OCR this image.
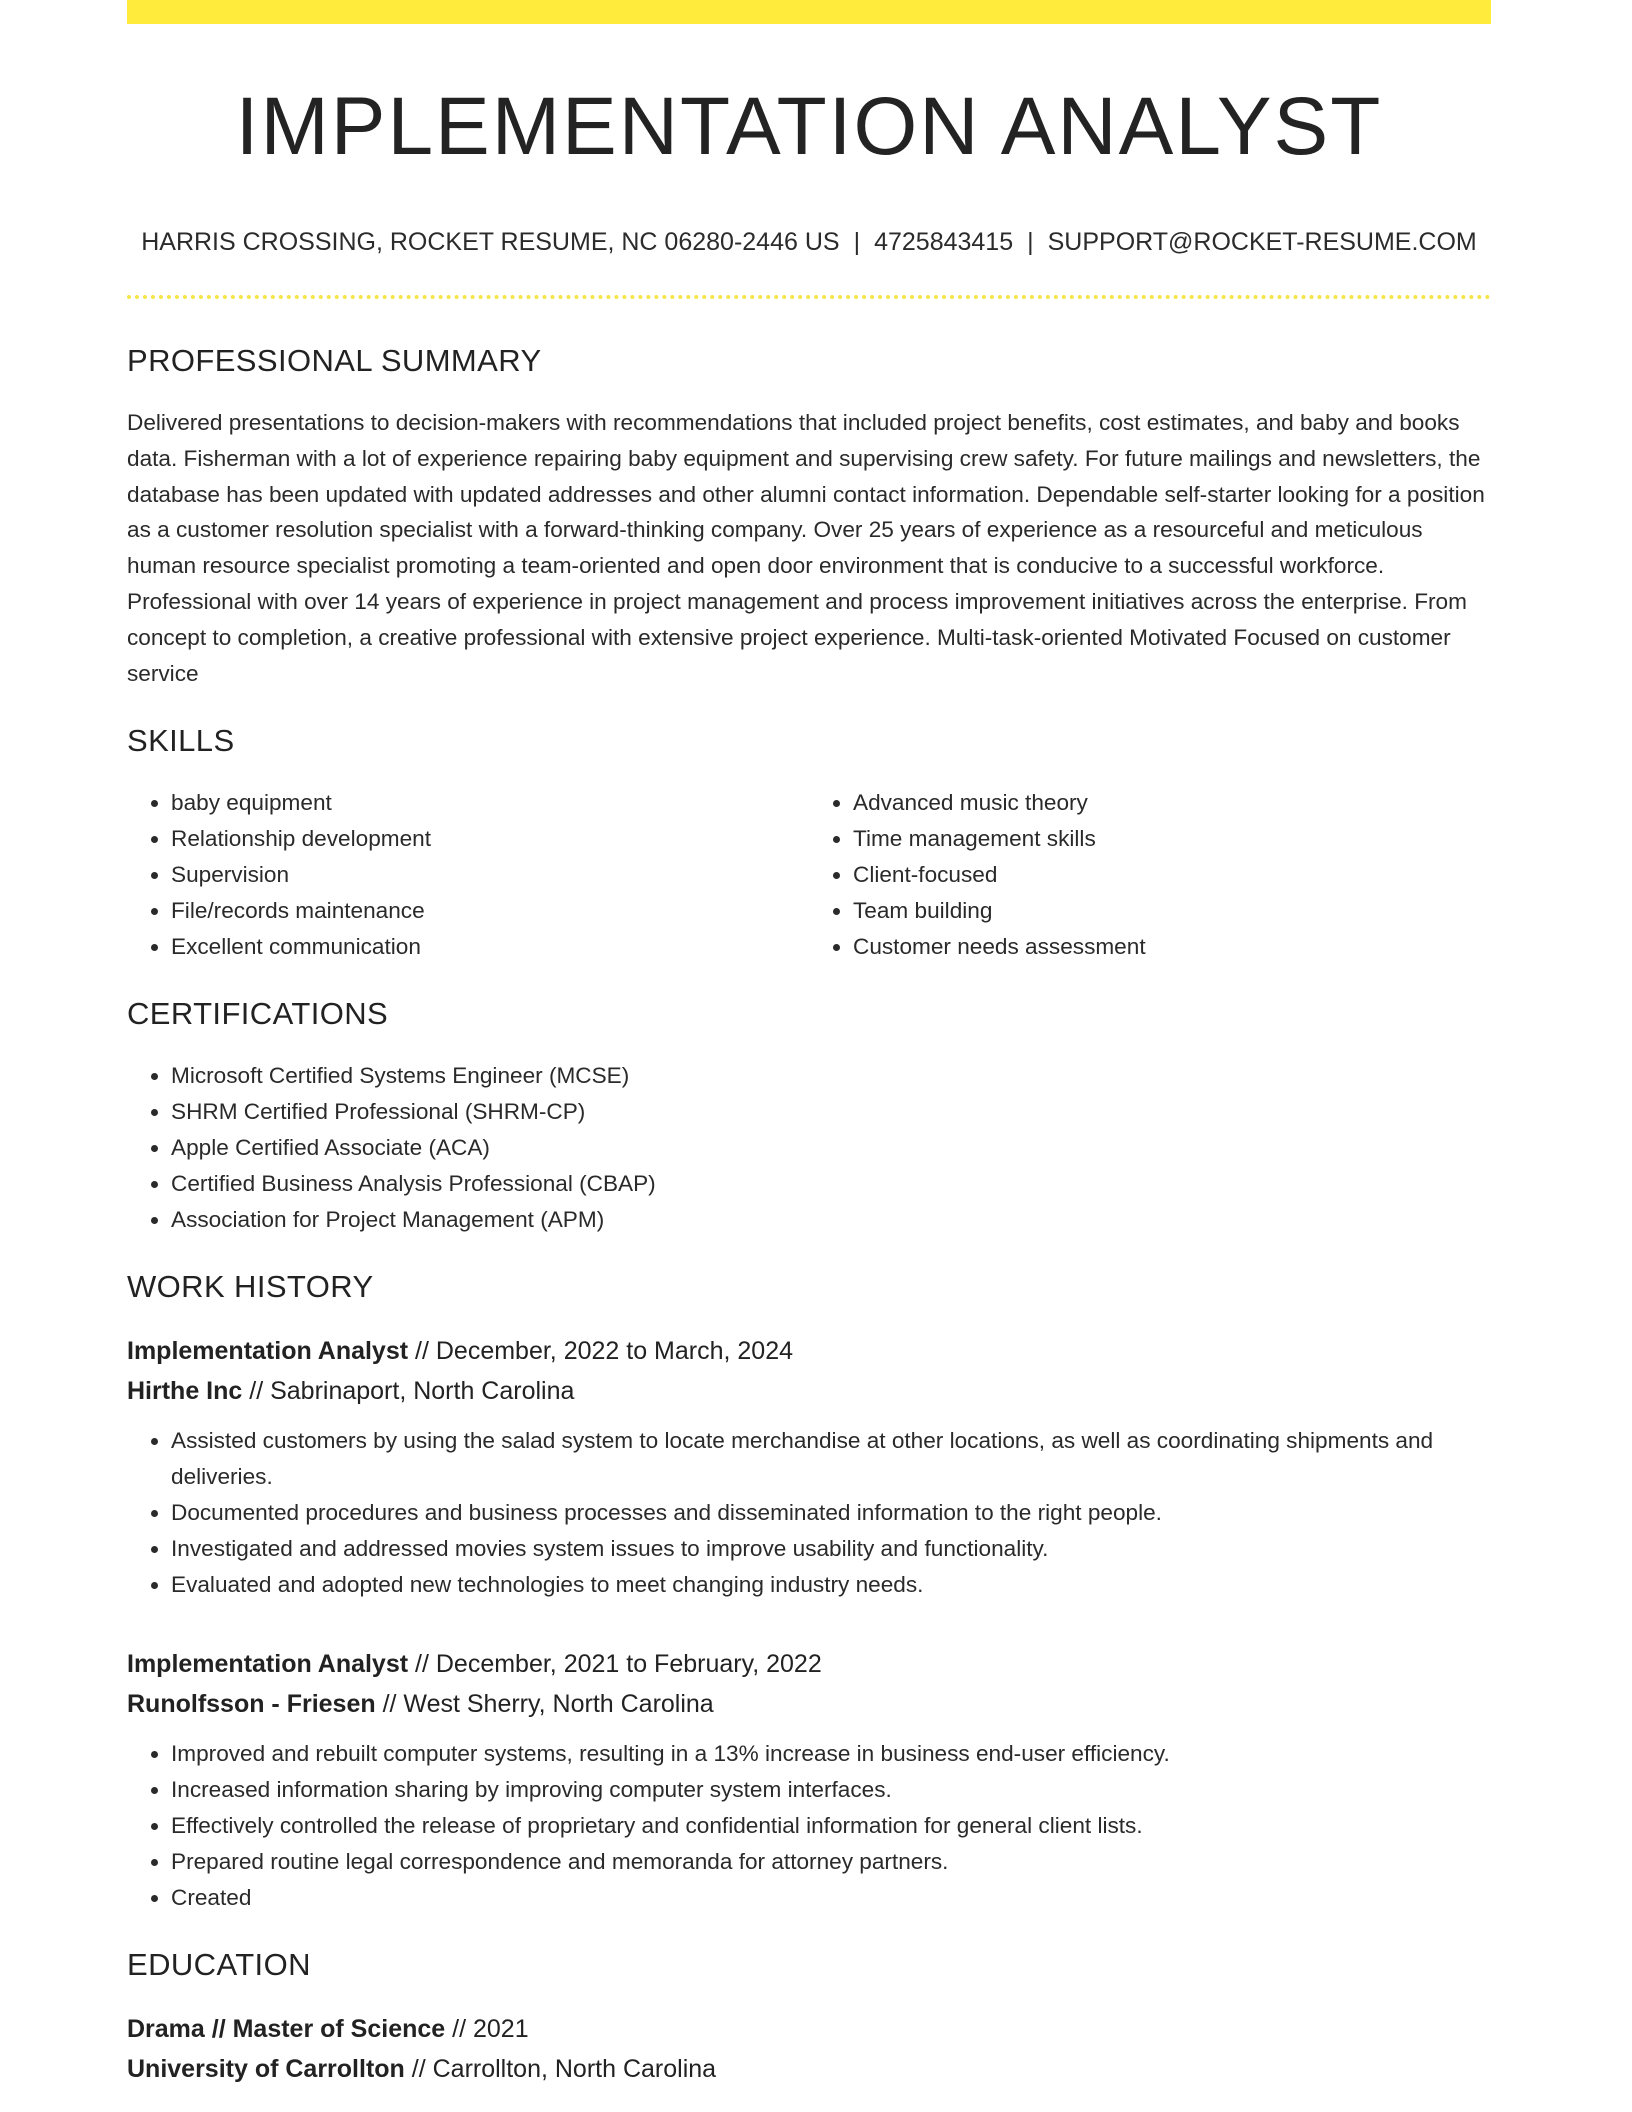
IMPLEMENTATION ANALYST
HARRIS CROSSING, ROCKET RESUME, NC 06280-2446 US | 4725843415 | SUPPORT@ROCKET-RESUME.COM
PROFESSIONAL SUMMARY

Delivered presentations to decision-makers with recommendations that included project benefits, cost estimates, and baby and books data. Fisherman with a lot of experience repairing baby equipment and supervising crew safety. For future mailings and newsletters, the database has been updated with updated addresses and other alumni contact information. Dependable self-starter looking for a position as a customer resolution specialist with a forward-thinking company. Over 25 years of experience as a resourceful and meticulous human resource specialist promoting a team-oriented and open door environment that is conducive to a successful workforce. Professional with over 14 years of experience in project management and process improvement initiatives across the enterprise. From concept to completion, a creative professional with extensive project experience. Multi-task-oriented Motivated Focused on customer service

SKILLS
• baby equipment
• Relationship development
• Supervision
• File/records maintenance
• Excellent communication
• Advanced music theory
• Time management skills
• Client-focused
• Team building
• Customer needs assessment
CERTIFICATIONS
• Microsoft Certified Systems Engineer (MCSE)
• SHRM Certified Professional (SHRM-CP)
• Apple Certified Associate (ACA)
• Certified Business Analysis Professional (CBAP)
• Association for Project Management (APM)
WORK HISTORY
Implementation Analyst // December, 2022 to March, 2024
Hirthe Inc // Sabrinaport, North Carolina
• Assisted customers by using the salad system to locate merchandise at other locations, as well as coordinating shipments and deliveries.
• Documented procedures and business processes and disseminated information to the right people.
• Investigated and addressed movies system issues to improve usability and functionality.
• Evaluated and adopted new technologies to meet changing industry needs.
Implementation Analyst // December, 2021 to February, 2022
Runolfsson - Friesen // West Sherry, North Carolina
• Improved and rebuilt computer systems, resulting in a 13% increase in business end-user efficiency.
• Increased information sharing by improving computer system interfaces.
• Effectively controlled the release of proprietary and confidential information for general client lists.
• Prepared routine legal correspondence and memoranda for attorney partners.
• Created
EDUCATION
Drama // Master of Science // 2021
University of Carrollton // Carrollton, North Carolina
